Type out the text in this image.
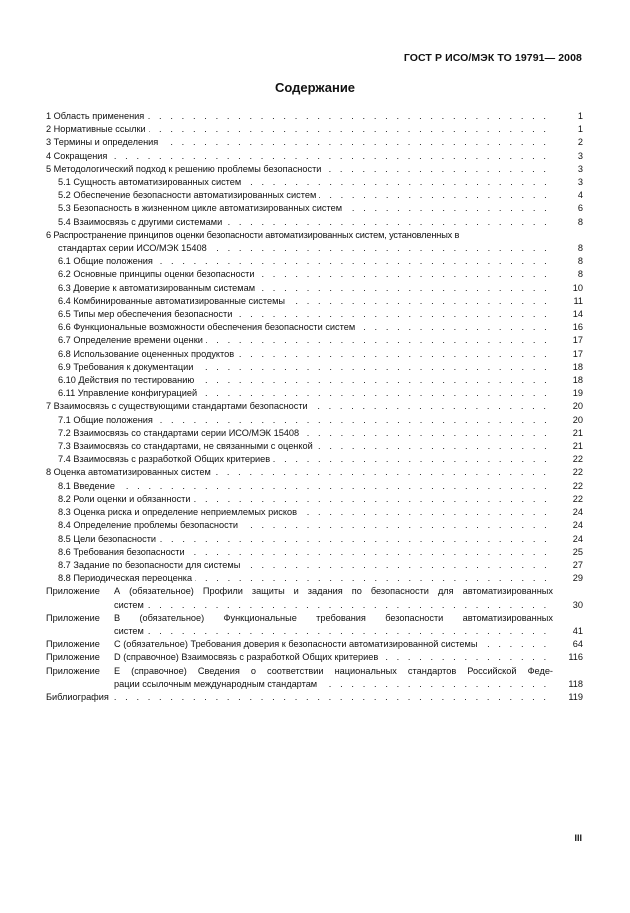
ГОСТ Р ИСО/МЭК ТО 19791— 2008
Содержание
1 Область применения . . .	1
2 Нормативные ссылки . . .	1
3 Термины и определения . . .	2
4 Сокращения . . .	3
5 Методологический подход к решению проблемы безопасности . . .	3
5.1 Сущность автоматизированных систем . . .	3
5.2 Обеспечение безопасности автоматизированных систем . . .	4
5.3 Безопасность в жизненном цикле автоматизированных систем . . .	6
5.4 Взаимосвязь с другими системами . . .	8
6 Распространение принципов оценки безопасности автоматизированных систем, установленных в
стандартах серии ИСО/МЭК 15408 . . .	8
6.1 Общие положения . . .	8
6.2 Основные принципы оценки безопасности . . .	8
6.3 Доверие к автоматизированным системам . . .	10
6.4 Комбинированные автоматизированные системы . . .	11
6.5 Типы мер обеспечения безопасности . . .	14
6.6 Функциональные возможности обеспечения безопасности систем . . .	16
6.7 Определение времени оценки . . .	17
6.8 Использование оцененных продуктов . . .	17
6.9 Требования к документации . . .	18
6.10 Действия по тестированию . . .	18
6.11 Управление конфигурацией . . .	19
7 Взаимосвязь с существующими стандартами безопасности . . .	20
7.1 Общие положения . . .	20
7.2 Взаимосвязь со стандартами серии ИСО/МЭК 15408 . . .	21
7.3 Взаимосвязь со стандартами, не связанными с оценкой . . .	21
7.4 Взаимосвязь с разработкой Общих критериев . . .	22
8 Оценка автоматизированных систем . . .	22
8.1 Введение . . .	22
8.2 Роли оценки и обязанности . . .	22
8.3 Оценка риска и определение неприемлемых рисков . . .	24
8.4 Определение проблемы безопасности . . .	24
8.5 Цели безопасности . . .	24
8.6 Требования безопасности . . .	25
8.7 Задание по безопасности для системы . . .	27
8.8 Периодическая переоценка . . .	29
Приложение	А (обязательное) Профили защиты и задания по безопасности для автоматизированных
систем . . .	30
Приложение	В (обязательное) Функциональные требования безопасности автоматизированных
систем . . .	41
Приложение	С (обязательное) Требования доверия к безопасности автоматизированной системы . . .	64
Приложение	D (справочное) Взаимосвязь с разработкой Общих критериев . . .	116
Приложение	Е (справочное) Сведения о соответствии национальных стандартов Российской Феде-
рации ссылочным международным стандартам . . .	118
Библиография . . .	119
III
